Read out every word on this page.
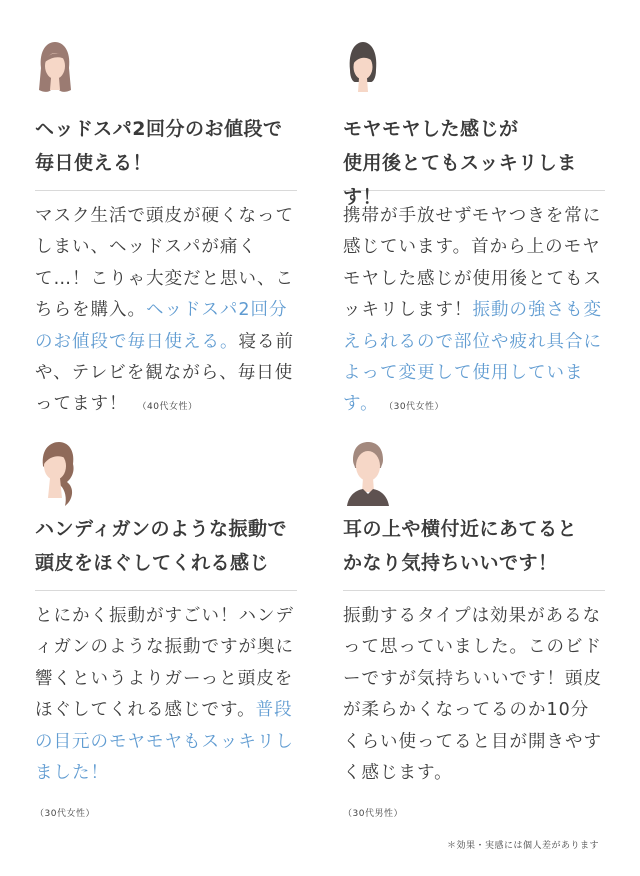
ヘッドスパ2回分のお値段で
毎日使える！
マスク生活で頭皮が硬くなってしまい、ヘッドスパが痛くて…！こりゃ大変だと思い、こちらを購入。ヘッドスパ2回分のお値段で毎日使える。寝る前や、テレビを観ながら、毎日使ってます！ （40代女性）
モヤモヤした感じが
使用後とてもスッキリします！
携帯が手放せずモヤつきを常に感じています。首から上のモヤモヤした感じが使用後とてもスッキリします！振動の強さも変えられるので部位や疲れ具合によって変更して使用しています。 （30代女性）
ハンディガンのような振動で
頭皮をほぐしてくれる感じ
とにかく振動がすごい！ハンディガンのような振動ですが奥に響くというよりガーっと頭皮をほぐしてくれる感じです。普段の目元のモヤモヤもスッキリしました！
（30代女性）
耳の上や横付近にあてると
かなり気持ちいいです！
振動するタイプは効果があるなって思っていました。このビドーですが気持ちいいです！頭皮が柔らかくなってるのか10分くらい使ってると目が開きやすく感じます。
（30代男性）
＊効果・実感には個人差があります
